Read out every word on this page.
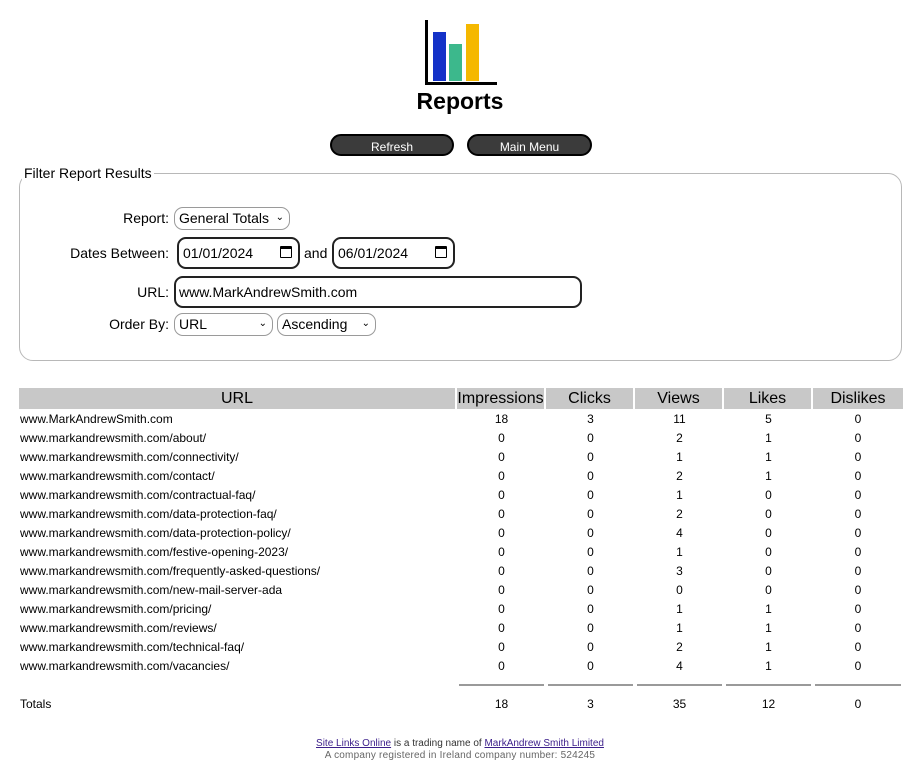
Reports
Refresh	Main Menu
Filter Report Results
Report: General Totals ⌄
Dates Between:	01/01/2024	and 06/01/2024
URL: www.MarkAndrewSmith.com
Order By: URL	⌄	Ascending ⌄
URL	Impressions	Clicks	Views	Likes	Dislikes
www.MarkAndrewSmith.com	18	3	11	5	0
www.markandrewsmith.com/about/	0	0	2	1	0
www.markandrewsmith.com/connectivity/	0	0	1	1	0
www.markandrewsmith.com/contact/	0	0	2	1	0
www.markandrewsmith.com/contractual-faq/	0	0	1	0	0
www.markandrewsmith.com/data-protection-faq/	0	0	2	0	0
www.markandrewsmith.com/data-protection-policy/	0	0	4	0	0
www.markandrewsmith.com/festive-opening-2023/	0	0	1	0	0
www.markandrewsmith.com/frequently-asked-questions/	0	0	3	0	0
www.markandrewsmith.com/new-mail-server-ada	0	0	0	0	0
www.markandrewsmith.com/pricing/	0	0	1	1	0
www.markandrewsmith.com/reviews/	0	0	1	1	0
www.markandrewsmith.com/technical-faq/	0	0	2	1	0
www.markandrewsmith.com/vacancies/	0	0	4	1	0

Totals	18	3	35	12	0
Site Links Online is a trading name of MarkAndrew Smith Limited
A company registered in Ireland company number: 524245
